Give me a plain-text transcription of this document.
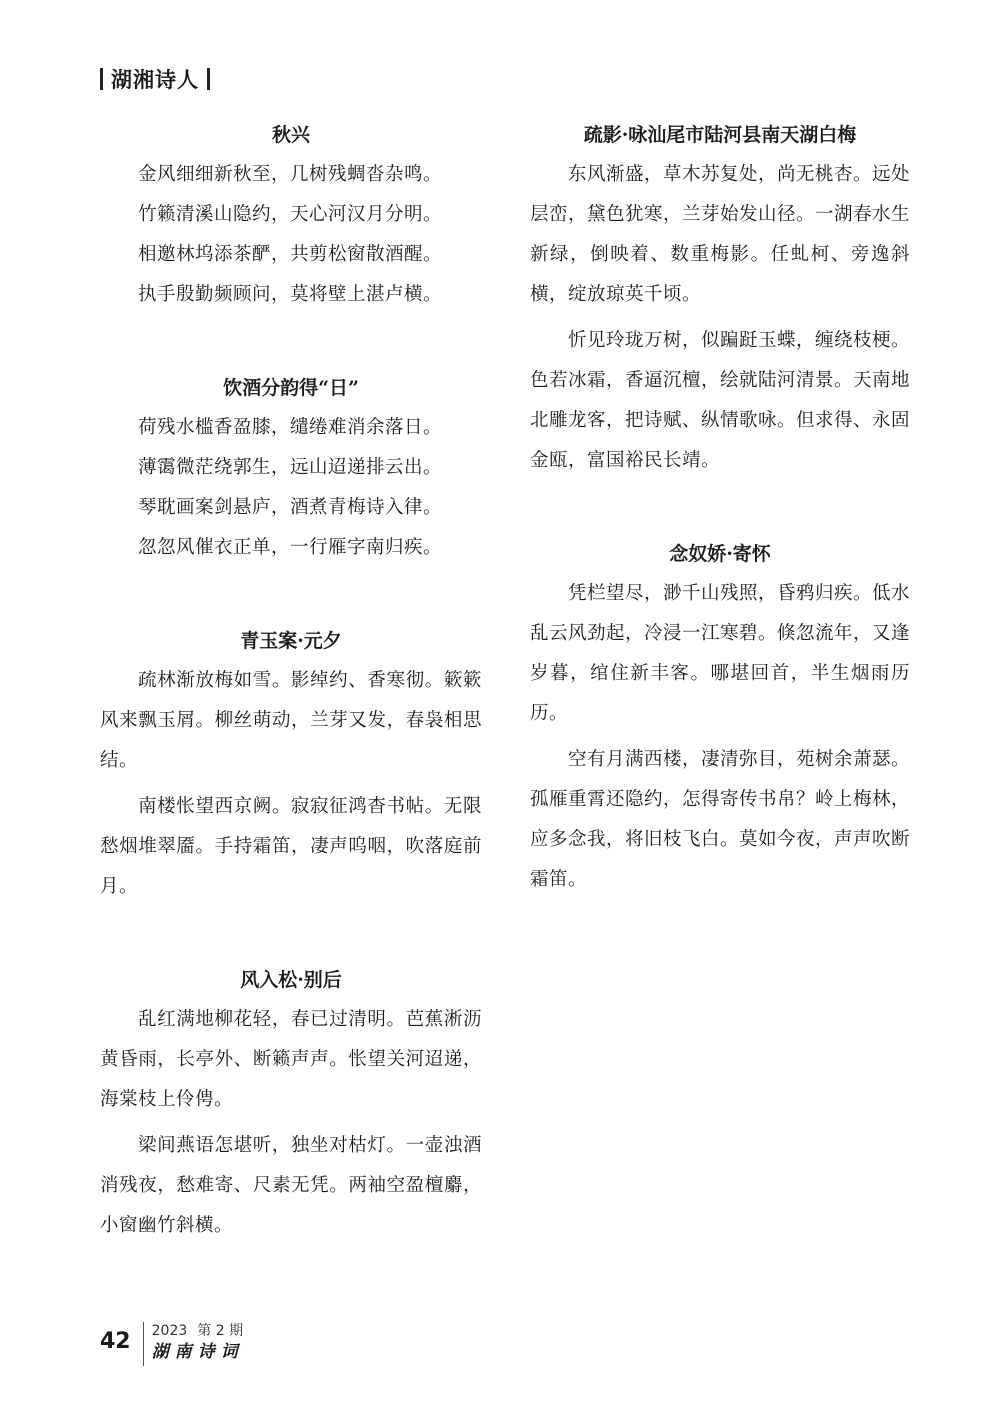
湖湘诗人
秋兴
金风细细新秋至，几树残蜩沓杂鸣。
竹籁清溪山隐约，天心河汉月分明。
相邀林坞添茶酽，共剪松窗散酒醒。
执手殷勤频顾问，莫将壁上湛卢横。
饮酒分韵得“日”
荷残水槛香盈膝，缱绻难消余落日。
薄霭微茫绕郭生，远山迢递排云出。
琴耽画案剑悬庐，酒煮青梅诗入律。
忽忽风催衣正单，一行雁字南归疾。
青玉案·元夕

疏林渐放梅如雪。影绰约、香寒彻。簌簌风来飘玉屑。柳丝萌动，兰芽又发，春袅相思结。

南楼怅望西京阙。寂寂征鸿杳书帖。无限愁烟堆翠靥。手持霜笛，凄声呜咽，吹落庭前月。

风入松·别后

乱红满地柳花轻，春已过清明。芭蕉淅沥黄昏雨，长亭外、断籁声声。怅望关河迢递，海棠枝上伶俜。

梁间燕语怎堪听，独坐对枯灯。一壶浊酒消残夜，愁难寄、尺素无凭。两袖空盈檀麝，小窗幽竹斜横。

疏影·咏汕尾市陆河县南天湖白梅

东风渐盛，草木苏复处，尚无桃杏。远处层峦，黛色犹寒，兰芽始发山径。一湖春水生新绿，倒映着、数重梅影。任虬柯、旁逸斜横，绽放琼英千顷。

忻见玲珑万树，似蹁跹玉蝶，缠绕枝梗。色若冰霜，香逼沉檀，绘就陆河清景。天南地北雕龙客，把诗赋、纵情歌咏。但求得、永固金瓯，富国裕民长靖。

念奴娇·寄怀

凭栏望尽，渺千山残照，昏鸦归疾。低水乱云风劲起，冷浸一江寒碧。倏忽流年，又逢岁暮，绾住新丰客。哪堪回首，半生烟雨历历。

空有月满西楼，凄清弥目，苑树余萧瑟。孤雁重霄还隐约，怎得寄传书帛？岭上梅林，应多念我，将旧枝飞白。莫如今夜，声声吹断霜笛。

42 2023 第 2 期
湖南诗词
